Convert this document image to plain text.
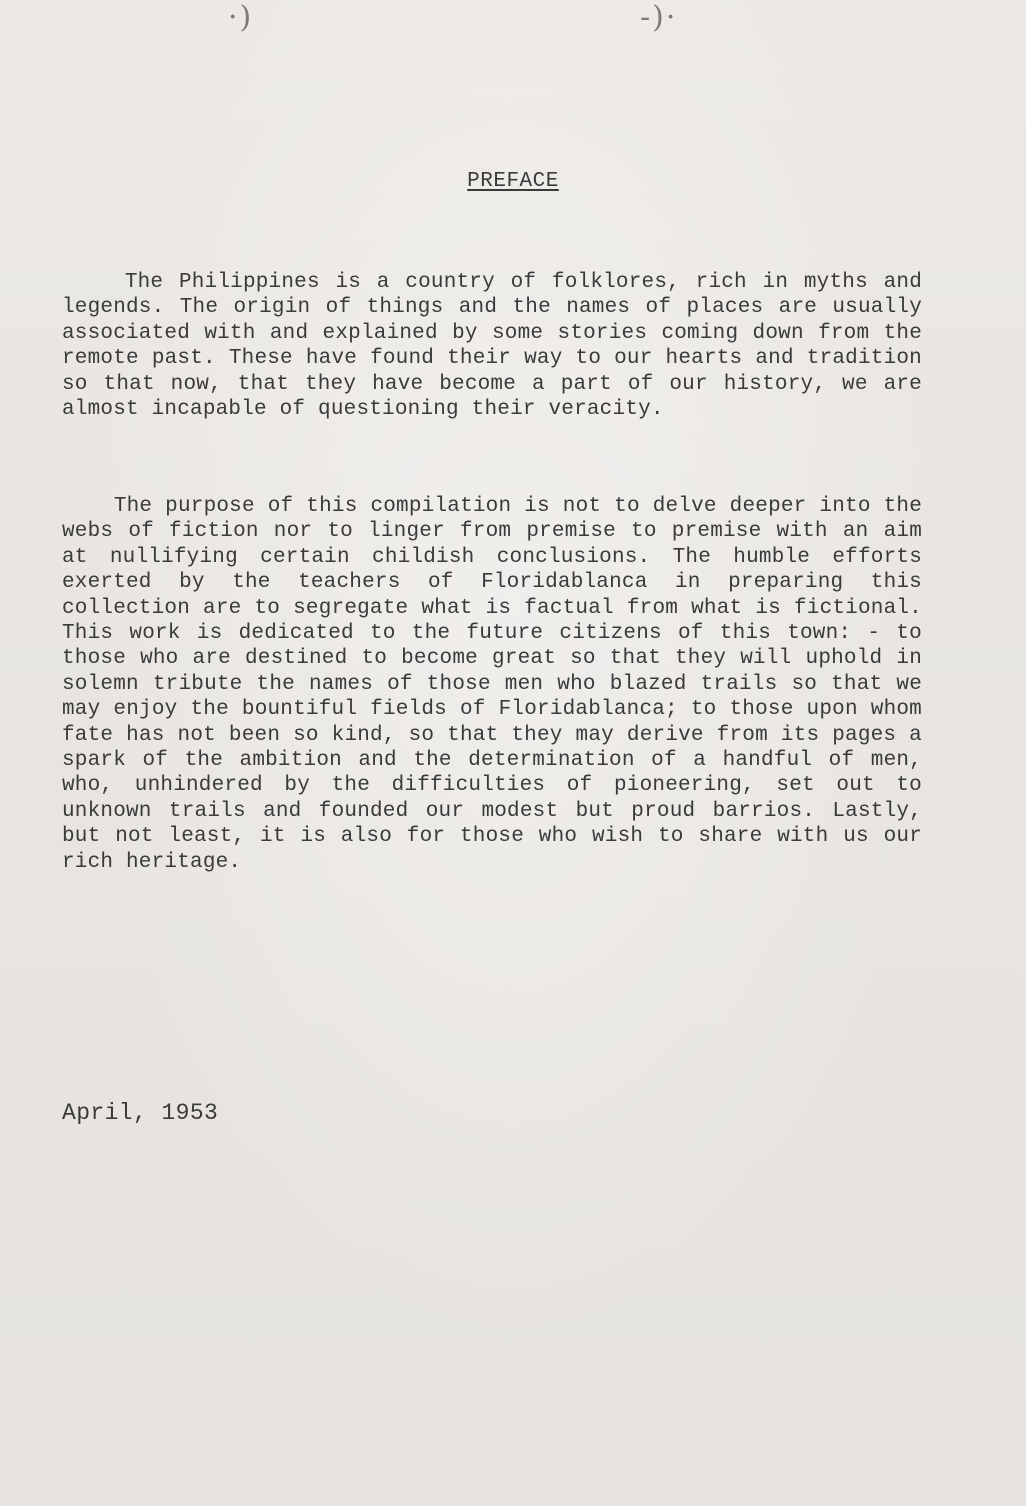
·)	-)·
PREFACE
The Philippines is a country of folklores, rich in myths and legends. The origin of things and the names of places are usually associated with and explained by some stories coming down from the remote past. These have found their way to our hearts and tradition so that now, that they have become a part of our history, we are almost incapable of questioning their veracity.
The purpose of this compilation is not to delve deeper into the webs of fiction nor to linger from premise to premise with an aim at nullifying certain childish conclusions. The humble efforts exerted by the teachers of Floridablanca in preparing this collection are to segregate what is factual from what is fictional. This work is dedicated to the future citizens of this town: - to those who are destined to become great so that they will uphold in solemn tribute the names of those men who blazed trails so that we may enjoy the bountiful fields of Floridablanca; to those upon whom fate has not been so kind, so that they may derive from its pages a spark of the ambition and the determination of a handful of men, who, unhindered by the difficulties of pioneering, set out to unknown trails and founded our modest but proud barrios. Lastly, but not least, it is also for those who wish to share with us our rich heritage.
April, 1953
